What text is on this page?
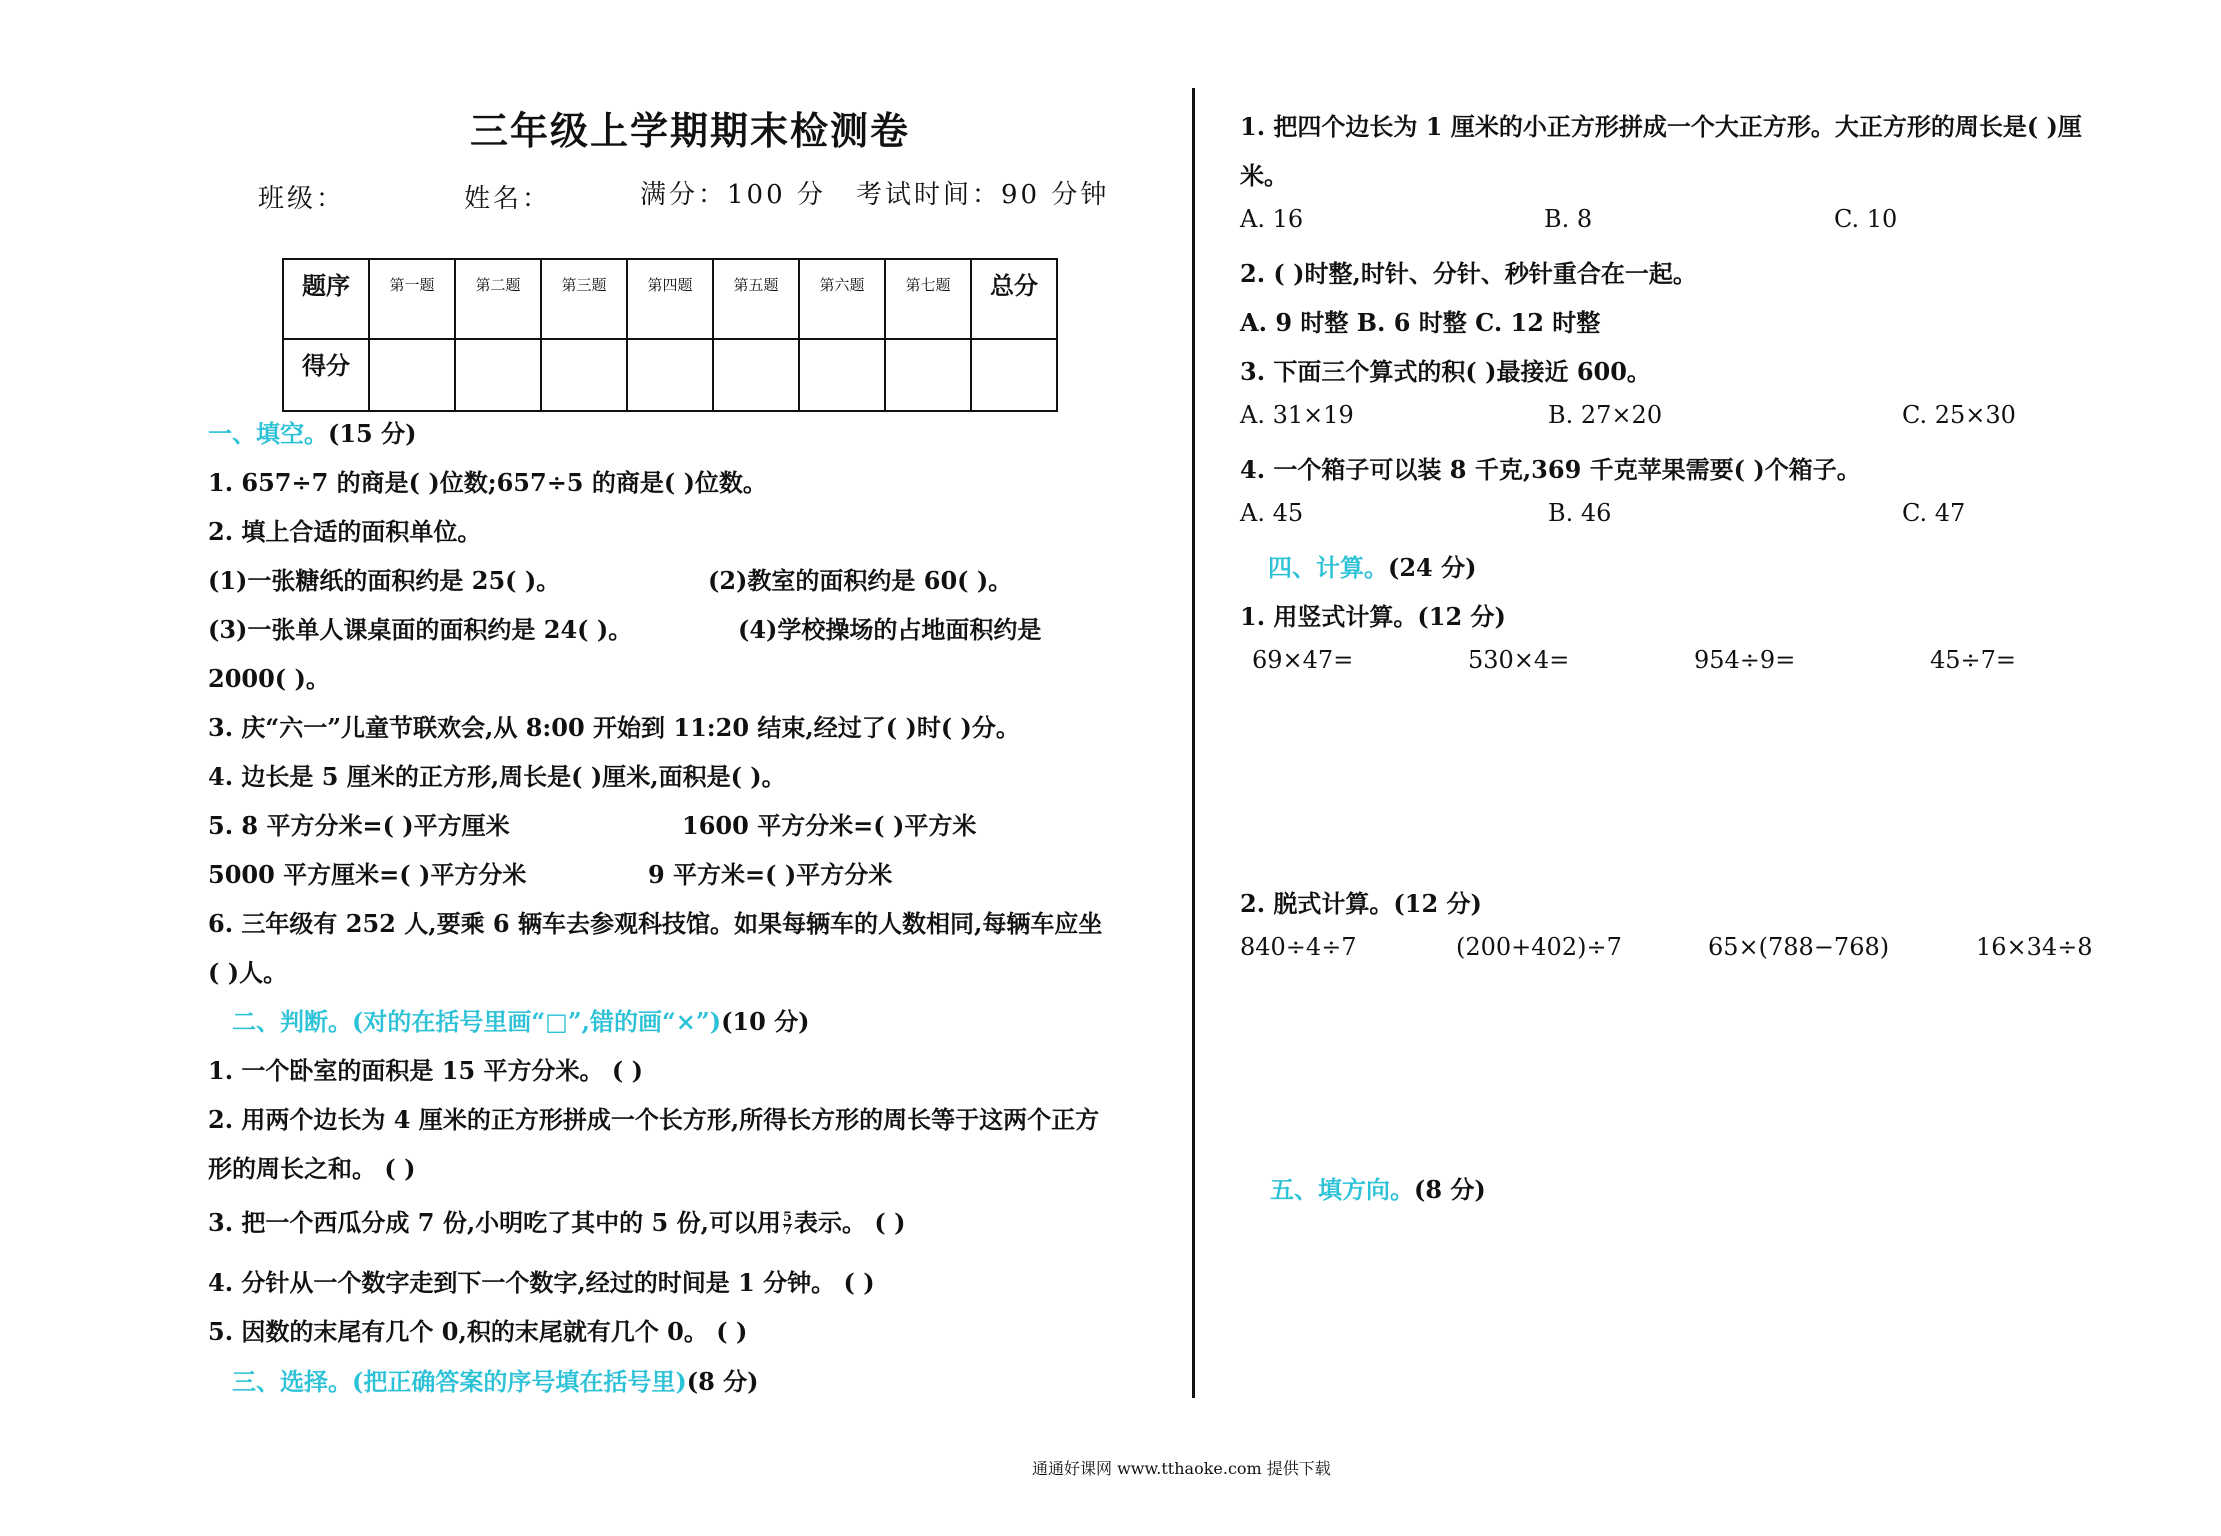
三年级上学期期末检测卷
班级：	姓名：	满分：100 分 考试时间：90 分钟
题序	第一题	第二题	第三题	第四题	第五题	第六题	第七题	总分
得分								
一、填空。(15 分)
1. 657÷7 的商是( )位数;657÷5 的商是( )位数。
2. 填上合适的面积单位。
(1)一张糖纸的面积约是 25( )。	(2)教室的面积约是 60( )。
(3)一张单人课桌面的面积约是 24( )。	(4)学校操场的占地面积约是
2000( )。
3. 庆“六一”儿童节联欢会,从 8:00 开始到 11:20 结束,经过了( )时( )分。
4. 边长是 5 厘米的正方形,周长是( )厘米,面积是( )。
5. 8 平方分米=( )平方厘米	1600 平方分米=( )平方米
5000 平方厘米=( )平方分米	9 平方米=( )平方分米
6. 三年级有 252 人,要乘 6 辆车去参观科技馆。如果每辆车的人数相同,每辆车应坐
( )人。
二、判断。(对的在括号里画“□”,错的画“×”)(10 分)
1. 一个卧室的面积是 15 平方分米。 ( )
2. 用两个边长为 4 厘米的正方形拼成一个长方形,所得长方形的周长等于这两个正方
形的周长之和。 ( )
3. 把一个西瓜分成 7 份,小明吃了其中的 5 份,可以用 $\frac{5}{7}$ 表示。 ( )
4. 分针从一个数字走到下一个数字,经过的时间是 1 分钟。 ( )
5. 因数的末尾有几个 0,积的末尾就有几个 0。 ( )
三、选择。(把正确答案的序号填在括号里)(8 分)
1. 把四个边长为 1 厘米的小正方形拼成一个大正方形。大正方形的周长是( )厘
米。
A. 16	B. 8	C. 10
2. ( )时整,时针、分针、秒针重合在一起。
A. 9 时整 B. 6 时整 C. 12 时整
3. 下面三个算式的积( )最接近 600。
A. 31×19	B. 27×20	C. 25×30
4. 一个箱子可以装 8 千克,369 千克苹果需要( )个箱子。
A. 45	B. 46	C. 47
四、计算。(24 分)
1. 用竖式计算。(12 分)
69×47=	530×4=	954÷9=	45÷7=
2. 脱式计算。(12 分)
840÷4÷7	(200+402)÷7	65×(788−768)	16×34÷8
五、填方向。(8 分)
通通好课网 www.tthaoke.com 提供下载
